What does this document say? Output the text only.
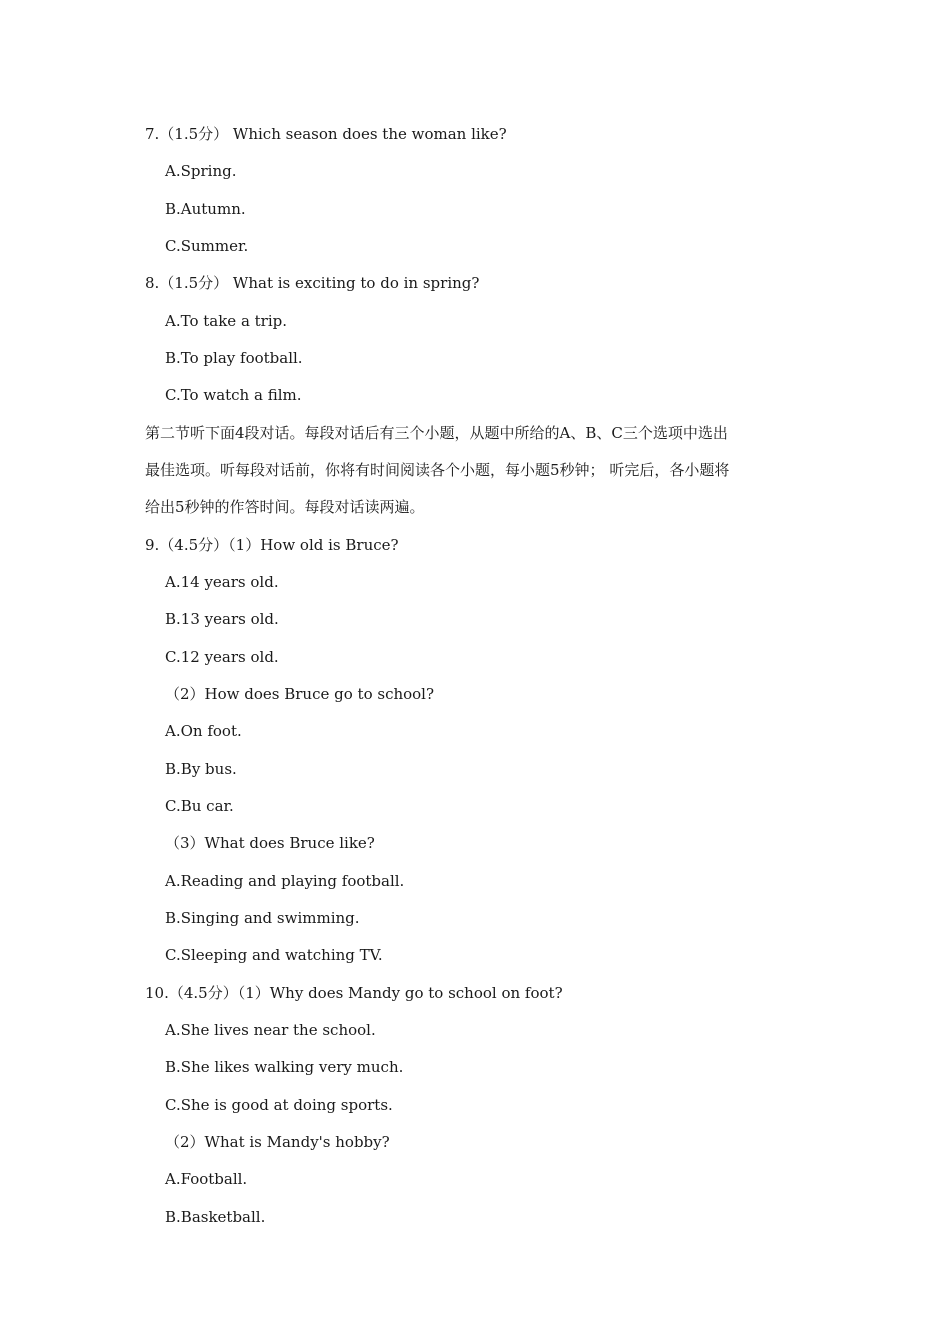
7.（1.5分） Which season does the woman like?
A.Spring.
B.Autumn.
C.Summer.
8.（1.5分） What is exciting to do in spring?
A.To take a trip.
B.To play football.
C.To watch a film.
第二节听下面4段对话。每段对话后有三个小题，从题中所给的A、B、C三个选项中选出
最佳选项。听每段对话前，你将有时间阅读各个小题，每小题5秒钟； 听完后，各小题将
给出5秒钟的作答时间。每段对话读两遍。
9.（4.5分）（1）How old is Bruce?
A.14 years old.
B.13 years old.
C.12 years old.
（2）How does Bruce go to school?
A.On foot.
B.By bus.
C.Bu car.
（3）What does Bruce like?
A.Reading and playing football.
B.Singing and swimming.
C.Sleeping and watching TV.
10.（4.5分）（1）Why does Mandy go to school on foot?
A.She lives near the school.
B.She likes walking very much.
C.She is good at doing sports.
（2）What is Mandy's hobby?
A.Football.
B.Basketball.
